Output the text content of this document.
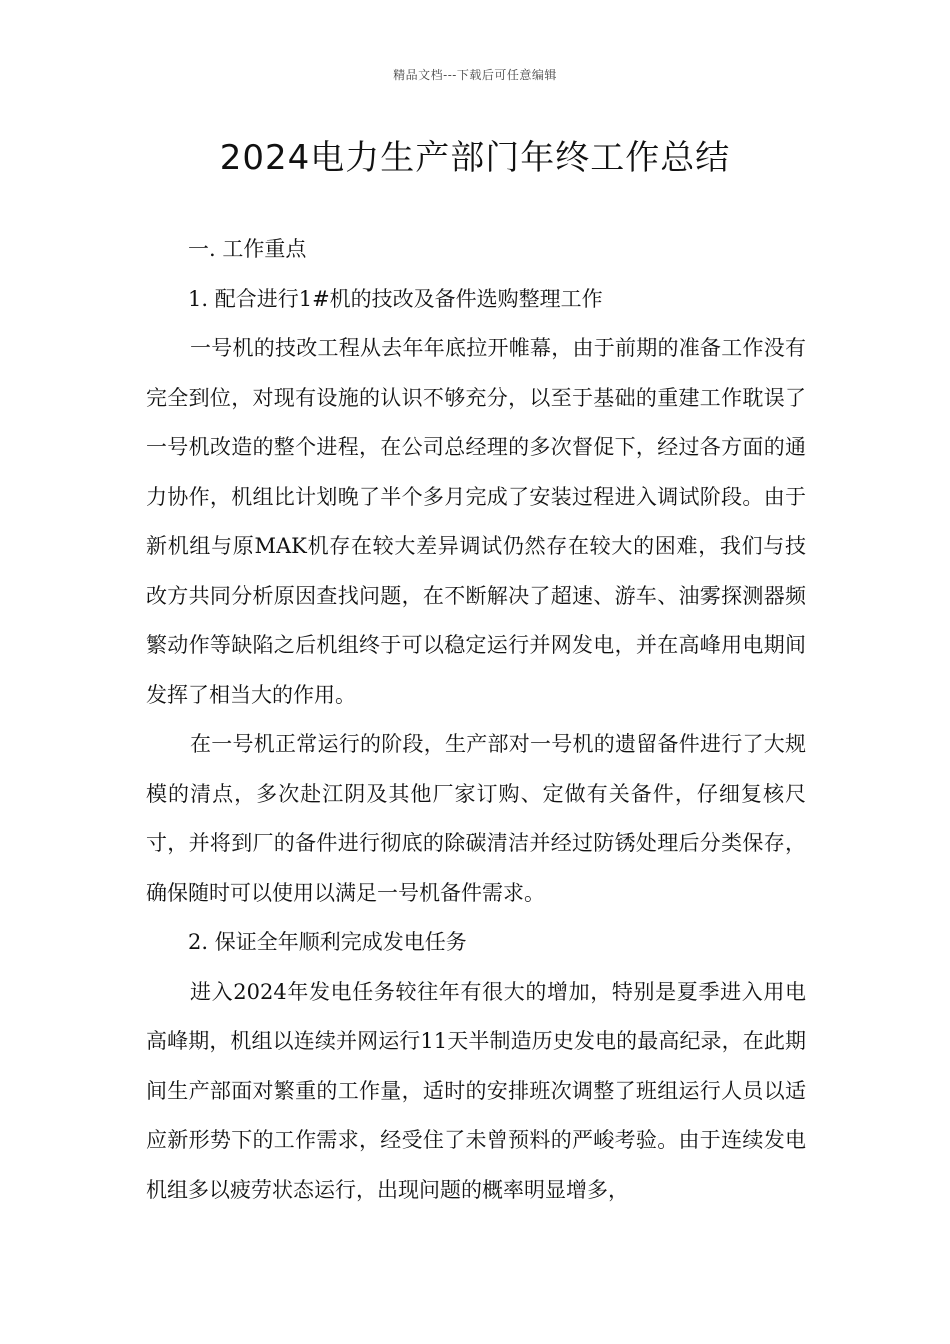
精品文档---下载后可任意编辑
2024电力生产部门年终工作总结

一. 工作重点

1. 配合进行1#机的技改及备件选购整理工作

一号机的技改工程从去年年底拉开帷幕，由于前期的准备工作没有完全到位，对现有设施的认识不够充分，以至于基础的重建工作耽误了一号机改造的整个进程，在公司总经理的多次督促下，经过各方面的通力协作，机组比计划晚了半个多月完成了安装过程进入调试阶段。由于新机组与原MAK机存在较大差异调试仍然存在较大的困难，我们与技改方共同分析原因查找问题，在不断解决了超速、游车、油雾探测器频繁动作等缺陷之后机组终于可以稳定运行并网发电，并在高峰用电期间发挥了相当大的作用。

在一号机正常运行的阶段，生产部对一号机的遗留备件进行了大规模的清点，多次赴江阴及其他厂家订购、定做有关备件，仔细复核尺寸，并将到厂的备件进行彻底的除碳清洁并经过防锈处理后分类保存，确保随时可以使用以满足一号机备件需求。

2. 保证全年顺利完成发电任务

进入2024年发电任务较往年有很大的增加，特别是夏季进入用电高峰期，机组以连续并网运行11天半制造历史发电的最高纪录，在此期间生产部面对繁重的工作量，适时的安排班次调整了班组运行人员以适应新形势下的工作需求，经受住了未曾预料的严峻考验。由于连续发电机组多以疲劳状态运行，出现问题的概率明显增多，
